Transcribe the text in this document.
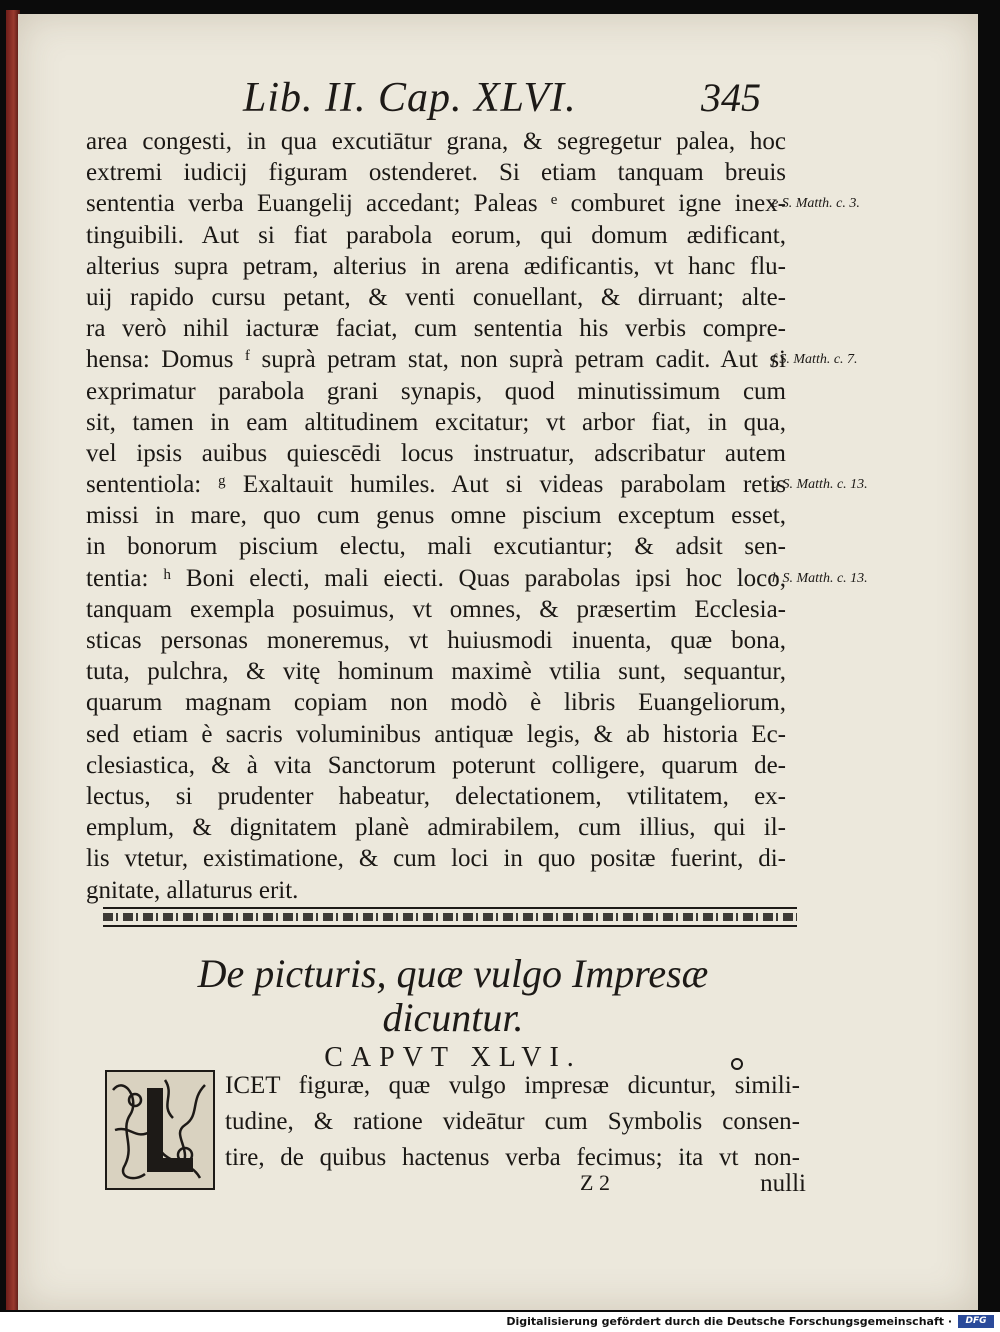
Lib. II. Cap. XLVI.	345
area congesti, in qua excutiātur grana, & segregetur palea, hoc
extremi iudicij figuram ostenderet. Si etiam tanquam breuis
sententia verba Euangelij accedant; Paleas ᵉ comburet igne inex-
tinguibili. Aut si fiat parabola eorum, qui domum ædificant,
alterius supra petram, alterius in arena ædificantis, vt hanc flu-
uij rapido cursu petant, & venti conuellant, & dirruant; alte-
ra verò nihil iacturæ faciat, cum sententia his verbis compre-
hensa: Domus ᶠ suprà petram stat, non suprà petram cadit. Aut si
exprimatur parabola grani synapis, quod minutissimum cum
sit, tamen in eam altitudinem excitatur; vt arbor fiat, in qua,
vel ipsis auibus quiescēdi locus instruatur, adscribatur autem
sententiola: ᵍ Exaltauit humiles. Aut si videas parabolam retis
missi in mare, quo cum genus omne piscium exceptum esset,
in bonorum piscium electu, mali excutiantur; & adsit sen-
tentia: ʰ Boni electi, mali eiecti. Quas parabolas ipsi hoc loco,
tanquam exempla posuimus, vt omnes, & præsertim Ecclesia-
sticas personas moneremus, vt huiusmodi inuenta, quæ bona,
tuta, pulchra, & vitę hominum maximè vtilia sunt, sequantur,
quarum magnam copiam non modò è libris Euangeliorum,
sed etiam è sacris voluminibus antiquæ legis, & ab historia Ec-
clesiastica, & à vita Sanctorum poterunt colligere, quarum de-
lectus, si prudenter habeatur, delectationem, vtilitatem, ex-
emplum, & dignitatem planè admirabilem, cum illius, qui il-
lis vtetur, existimatione, & cum loci in quo positæ fuerint, di-
gnitate, allaturus erit.
e S. Matth. c. 3.
f S. Matth. c. 7.
g S. Matth. c. 13.
h S. Matth. c. 13.
De picturis, quæ vulgo Impresæ
dicuntur.
CAPVT XLVI.
ICET figuræ, quæ vulgo impresæ dicuntur, simili-
tudine, & ratione videātur cum Symbolis consen-
tire, de quibus hactenus verba fecimus; ita vt non-
Z 2	nulli
Digitalisierung gefördert durch die Deutsche Forschungsgemeinschaft ·	DFG
